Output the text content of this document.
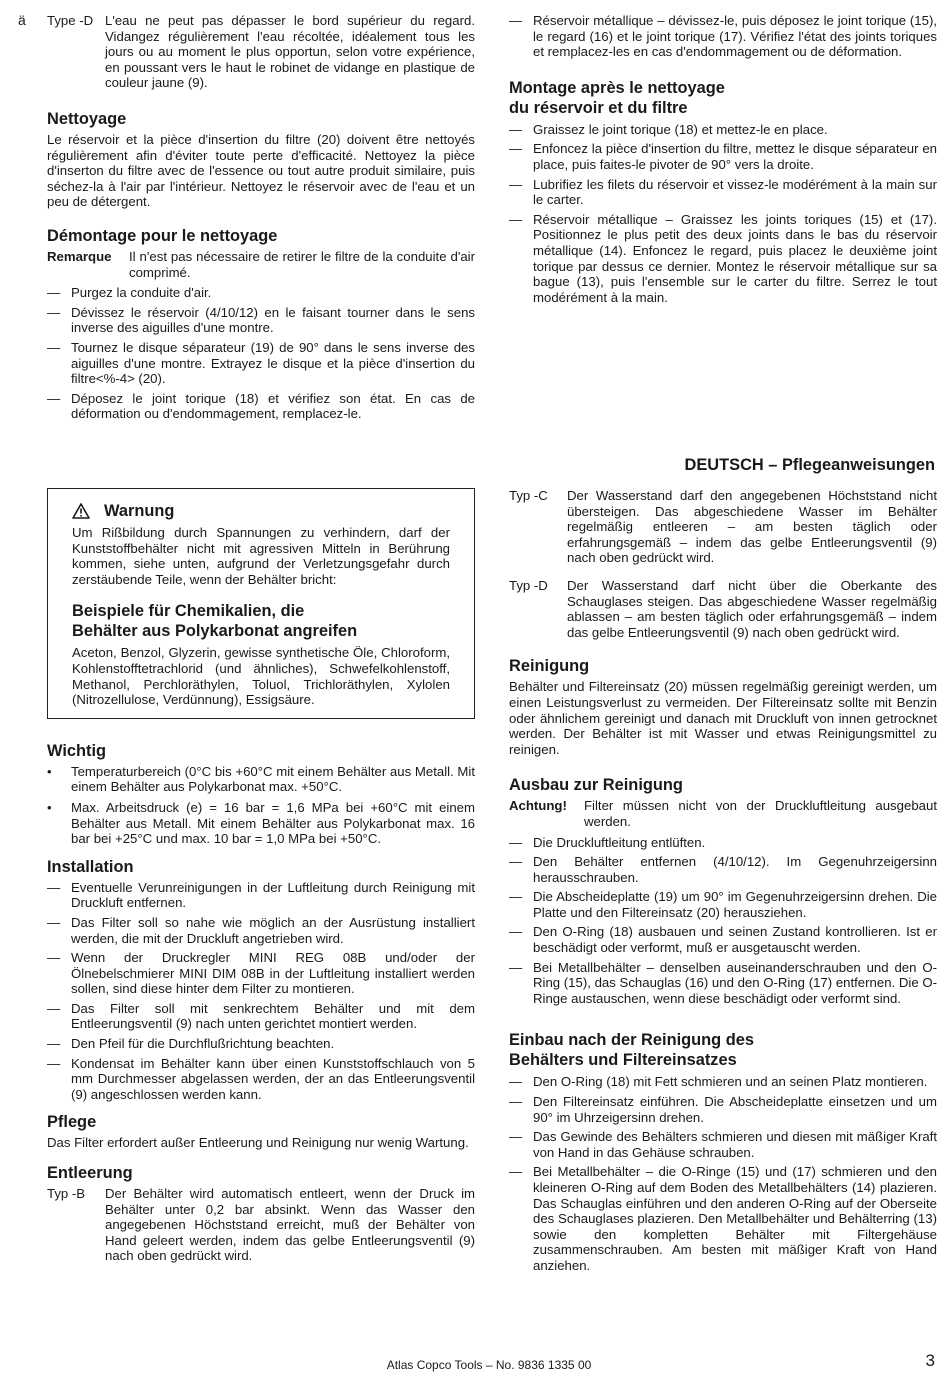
ä Type -D L'eau ne peut pas dépasser le bord supérieur du regard. Vidangez régulièrement l'eau récoltée, idéalement tous les jours ou au moment le plus opportun, selon votre expérience, en poussant vers le haut le robinet de vidange en plastique de couleur jaune (9).
Nettoyage

Le réservoir et la pièce d'insertion du filtre (20) doivent être nettoyés régulièrement afin d'éviter toute perte d'efficacité. Nettoyez la pièce d'inserton du filtre avec de l'essence ou tout autre produit similaire, puis séchez-la à l'air par l'intérieur. Nettoyez le réservoir avec de l'eau et un peu de détergent.

Démontage pour le nettoyage
Remarque	Il n'est pas nécessaire de retirer le filtre de la conduite d'air comprimé.
— Purgez la conduite d'air.
— Dévissez le réservoir (4/10/12) en le faisant tourner dans le sens inverse des aiguilles d'une montre.
— Tournez le disque séparateur (19) de 90° dans le sens inverse des aiguilles d'une montre. Extrayez le disque et la pièce d'insertion du filtre<%-4> (20).
— Déposez le joint torique (18) et vérifiez son état. En cas de déformation ou d'endommagement, remplacez-le.
— Réservoir métallique – dévissez-le, puis déposez le joint torique (15), le regard (16) et le joint torique (17). Vérifiez l'état des joints toriques et remplacez-les en cas d'endommagement ou de déformation.
Montage après le nettoyage
du réservoir et du filtre
— Graissez le joint torique (18) et mettez-le en place.
— Enfoncez la pièce d'insertion du filtre, mettez le disque séparateur en place, puis faites-le pivoter de 90° vers la droite.
— Lubrifiez les filets du réservoir et vissez-le modérément à la main sur le carter.
— Réservoir métallique – Graissez les joints toriques (15) et (17). Positionnez le plus petit des deux joints dans le bas du réservoir métallique (14). Enfoncez le regard, puis placez le deuxième joint torique par dessus ce dernier. Montez le réservoir métallique sur sa bague (13), puis l'ensemble sur le carter du filtre. Serrez le tout modérément à la main.
DEUTSCH – Pflegeanweisungen
Warnung

Um Rißbildung durch Spannungen zu verhindern, darf der Kunststoffbehälter nicht mit agressiven Mitteln in Berührung kommen, siehe unten, aufgrund der Verletzungsgefahr durch zerstäubende Teile, wenn der Behälter bricht:

Beispiele für Chemikalien, die
Behälter aus Polykarbonat angreifen

Aceton, Benzol, Glyzerin, gewisse synthetische Öle, Chloroform, Kohlenstofftetrachlorid (und ähnliches), Schwefelkohlenstoff, Methanol, Perchloräthylen, Toluol, Trichloräthylen, Xylolen (Nitrozellulose, Verdünnung), Essigsäure.

Wichtig
• Temperaturbereich (0°C bis +60°C mit einem Behälter aus Metall. Mit einem Behälter aus Polykarbonat max. +50°C.
• Max. Arbeitsdruck (e) = 16 bar = 1,6 MPa bei +60°C mit einem Behälter aus Metall. Mit einem Behälter aus Polykarbonat max. 16 bar bei +25°C und max. 10 bar = 1,0 MPa bei +50°C.
Installation
— Eventuelle Verunreinigungen in der Luftleitung durch Reinigung mit Druckluft entfernen.
— Das Filter soll so nahe wie möglich an der Ausrüstung installiert werden, die mit der Druckluft angetrieben wird.
— Wenn der Druckregler MINI REG 08B und/oder der Ölnebelschmierer MINI DIM 08B in der Luftleitung installiert werden sollen, sind diese hinter dem Filter zu montieren.
— Das Filter soll mit senkrechtem Behälter und mit dem Entleerungsventil (9) nach unten gerichtet montiert werden.
— Den Pfeil für die Durchflußrichtung beachten.
— Kondensat im Behälter kann über einen Kunststoffschlauch von 5 mm Durchmesser abgelassen werden, der an das Entleerungsventil (9) angeschlossen werden kann.
Pflege

Das Filter erfordert außer Entleerung und Reinigung nur wenig Wartung.

Entleerung
Typ -B	Der Behälter wird automatisch entleert, wenn der Druck im Behälter unter 0,2 bar absinkt. Wenn das Wasser den angegebenen Höchststand erreicht, muß der Behälter von Hand geleert werden, indem das gelbe Entleerungsventil (9) nach oben gedrückt wird.
Typ -C	Der Wasserstand darf den angegebenen Höchststand nicht übersteigen. Das abgeschiedene Wasser im Behälter regelmäßig entleeren – am besten täglich oder erfahrungsgemäß – indem das gelbe Entleerungsventil (9) nach oben gedrückt wird.
Typ -D	Der Wasserstand darf nicht über die Oberkante des Schauglases steigen. Das abgeschiedene Wasser regelmäßig ablassen – am besten täglich oder erfahrungsgemäß – indem das gelbe Entleerungsventil (9) nach oben gedrückt wird.
Reinigung

Behälter und Filtereinsatz (20) müssen regelmäßig gereinigt werden, um einen Leistungsverlust zu vermeiden. Der Filtereinsatz sollte mit Benzin oder ähnlichem gereinigt und danach mit Druckluft von innen getrocknet werden. Der Behälter ist mit Wasser und etwas Reinigungsmittel zu reinigen.

Ausbau zur Reinigung
Achtung!	Filter müssen nicht von der Druckluftleitung ausgebaut werden.
— Die Druckluftleitung entlüften.
— Den Behälter entfernen (4/10/12). Im Gegenuhrzeigersinn herausschrauben.
— Die Abscheideplatte (19) um 90° im Gegenuhrzeigersinn drehen. Die Platte und den Filtereinsatz (20) herausziehen.
— Den O-Ring (18) ausbauen und seinen Zustand kontrollieren. Ist er beschädigt oder verformt, muß er ausgetauscht werden.
— Bei Metallbehälter – denselben auseinanderschrauben und den O-Ring (15), das Schauglas (16) und den O-Ring (17) entfernen. Die O-Ringe austauschen, wenn diese beschädigt oder verformt sind.
Einbau nach der Reinigung des
Behälters und Filtereinsatzes
— Den O-Ring (18) mit Fett schmieren und an seinen Platz montieren.
— Den Filtereinsatz einführen. Die Abscheideplatte einsetzen und um 90° im Uhrzeigersinn drehen.
— Das Gewinde des Behälters schmieren und diesen mit mäßiger Kraft von Hand in das Gehäuse schrauben.
— Bei Metallbehälter – die O-Ringe (15) und (17) schmieren und den kleineren O-Ring auf dem Boden des Metallbehälters (14) plazieren. Das Schauglas einführen und den anderen O-Ring auf der Oberseite des Schauglases plazieren. Den Metallbehälter und Behälterring (13) sowie den kompletten Behälter mit Filtergehäuse zusammenschrauben. Am besten mit mäßiger Kraft von Hand anziehen.
Atlas Copco Tools – No. 9836 1335 00	3
